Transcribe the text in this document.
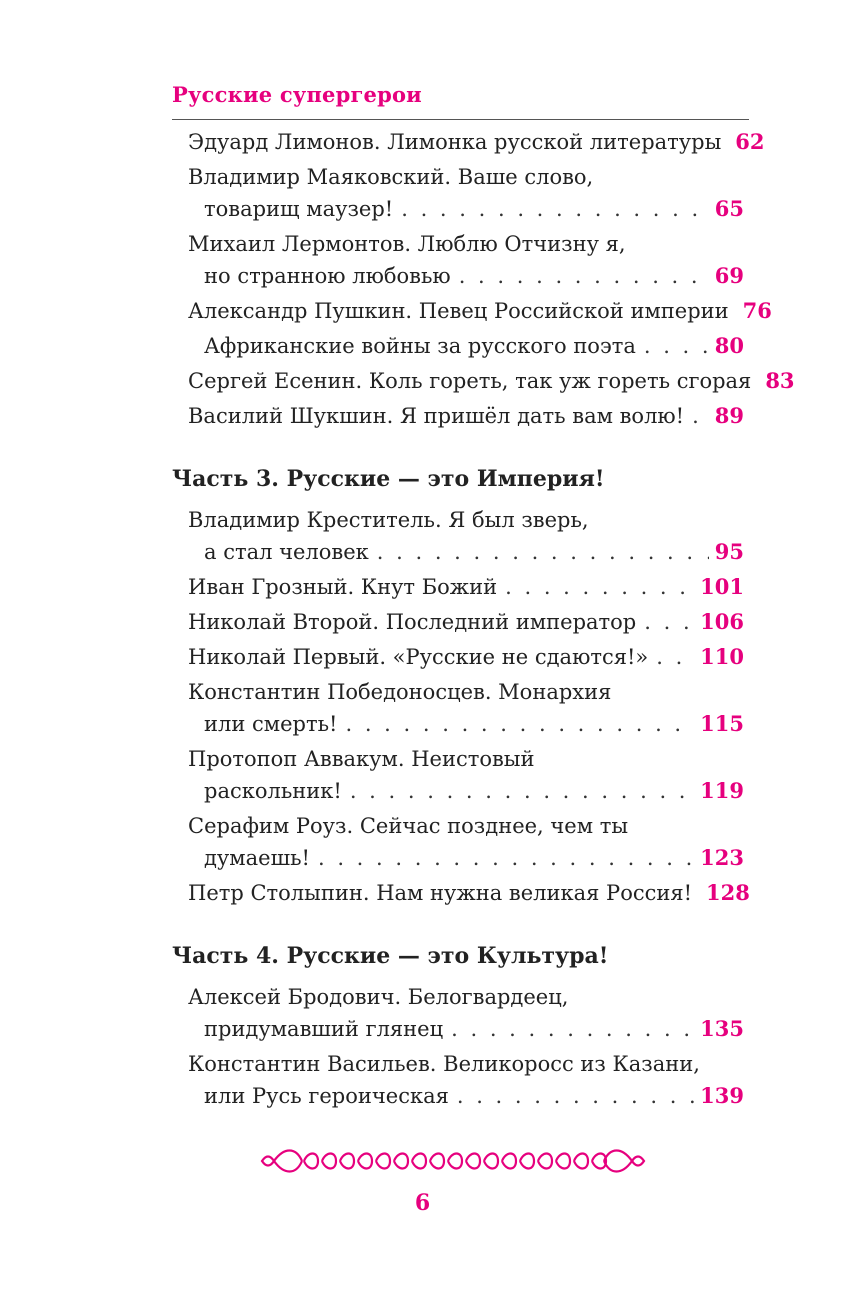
Русские супергерои
Эдуард Лимонов. Лимонка русской литературы 62
Владимир Маяковский. Ваше слово,
товарищ маузер! . . .	65
Михаил Лермонтов. Люблю Отчизну я,
но странною любовью . . .	69
Александр Пушкин. Певец Российской империи 76
Африканские войны за русского поэта . . .	80
Сергей Есенин. Коль гореть, так уж гореть сгорая 83
Василий Шукшин. Я пришёл дать вам волю! . . . 89
Часть 3. Русские — это Империя!
Владимир Креститель. Я был зверь,
а стал человек . . .	95
Иван Грозный. Кнут Божий . . .	101
Николай Второй. Последний император . . .	106
Николай Первый. «Русские не сдаются!» . . . 110
Константин Победоносцев. Монархия
или смерть! . . .	115
Протопоп Аввакум. Неистовый
раскольник! . . .	119
Серафим Роуз. Сейчас позднее, чем ты
думаешь! . . .	123
Петр Столыпин. Нам нужна великая Россия! 128
Часть 4. Русские — это Культура!
Алексей Бродович. Белогвардеец,
придумавший глянец . . .	135
Константин Васильев. Великоросс из Казани,
или Русь героическая . . .	139
6
